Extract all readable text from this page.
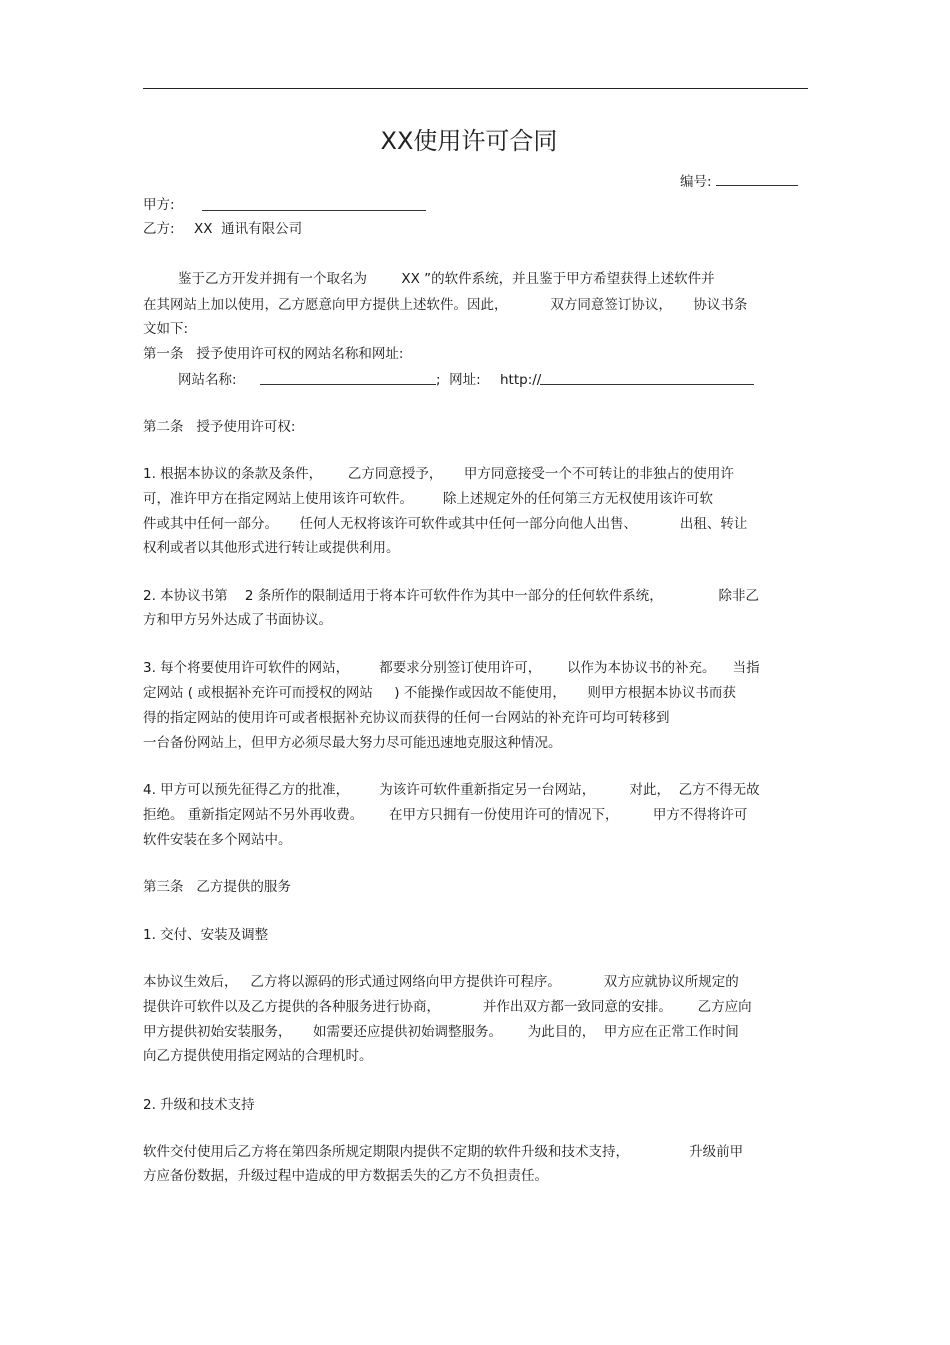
XX使用许可合同
编号:
甲方:
乙方: XX  通讯有限公司
鉴于乙方开发并拥有一个取名为        XX ”的软件系统，并且鉴于甲方希望获得上述软件并
在其网站上加以使用，乙方愿意向甲方提供上述软件。因此，          双方同意签订协议，     协议书条
文如下:
第一条   授予使用许可权的网站名称和网址:
网站名称:	;  网址: http://
第二条   授予使用许可权:
1. 根据本协议的条款及条件，      乙方同意授予，     甲方同意接受一个不可转让的非独占的使用许
可，准许甲方在指定网站上使用该许可软件。       除上述规定外的任何第三方无权使用该许可软
件或其中任何一部分。     任何人无权将该许可软件或其中任何一部分向他人出售、          出租、转让
权利或者以其他形式进行转让或提供利用。
2. 本协议书第    2 条所作的限制适用于将本许可软件作为其中一部分的任何软件系统，             除非乙
方和甲方另外达成了书面协议。
3. 每个将要使用许可软件的网站，       都要求分别签订使用许可，      以作为本协议书的补充。    当指
定网站 ( 或根据补充许可而授权的网站     ) 不能操作或因故不能使用，     则甲方根据本协议书而获
得的指定网站的使用许可或者根据补充协议而获得的任何一台网站的补充许可均可转移到
一台备份网站上，但甲方必须尽最大努力尽可能迅速地克服这种情况。
4. 甲方可以预先征得乙方的批准，       为该许可软件重新指定另一台网站，        对此，  乙方不得无故
拒绝。 重新指定网站不另外再收费。      在甲方只拥有一份使用许可的情况下，        甲方不得将许可
软件安装在多个网站中。
第三条   乙方提供的服务
1. 交付、安装及调整
本协议生效后，   乙方将以源码的形式通过网络向甲方提供许可程序。          双方应就协议所规定的
提供许可软件以及乙方提供的各种服务进行协商，          并作出双方都一致同意的安排。      乙方应向
甲方提供初始安装服务，     如需要还应提供初始调整服务。      为此目的，  甲方应在正常工作时间
向乙方提供使用指定网站的合理机时。
2. 升级和技术支持
软件交付使用后乙方将在第四条所规定期限内提供不定期的软件升级和技术支持，              升级前甲
方应备份数据，升级过程中造成的甲方数据丢失的乙方不负担责任。
